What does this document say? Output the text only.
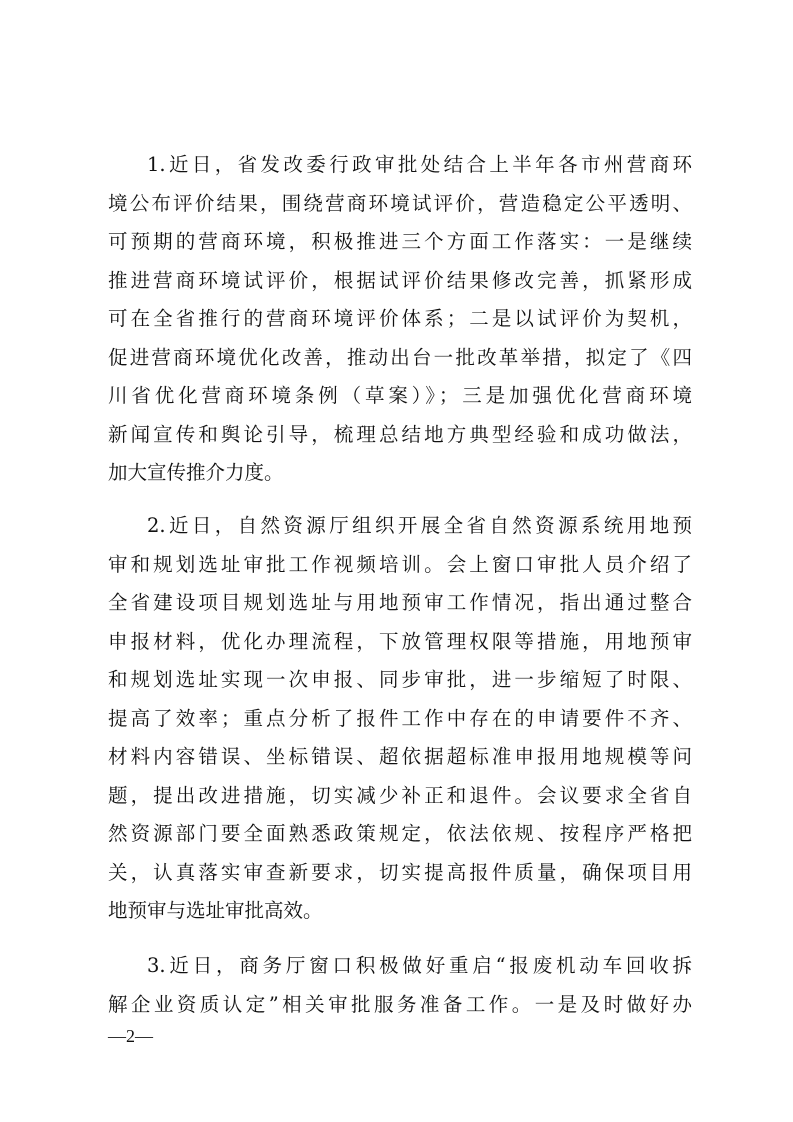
1.近日，省发改委行政审批处结合上半年各市州营商环
境公布评价结果，围绕营商环境试评价，营造稳定公平透明、
可预期的营商环境，积极推进三个方面工作落实：一是继续
推进营商环境试评价，根据试评价结果修改完善，抓紧形成
可在全省推行的营商环境评价体系；二是以试评价为契机，
促进营商环境优化改善，推动出台一批改革举措，拟定了《四
川省优化营商环境条例（草案）》；三是加强优化营商环境
新闻宣传和舆论引导，梳理总结地方典型经验和成功做法，
加大宣传推介力度。
2.近日，自然资源厅组织开展全省自然资源系统用地预
审和规划选址审批工作视频培训。会上窗口审批人员介绍了
全省建设项目规划选址与用地预审工作情况，指出通过整合
申报材料，优化办理流程，下放管理权限等措施，用地预审
和规划选址实现一次申报、同步审批，进一步缩短了时限、
提高了效率；重点分析了报件工作中存在的申请要件不齐、
材料内容错误、坐标错误、超依据超标准申报用地规模等问
题，提出改进措施，切实减少补正和退件。会议要求全省自
然资源部门要全面熟悉政策规定，依法依规、按程序严格把
关，认真落实审查新要求，切实提高报件质量，确保项目用
地预审与选址审批高效。
3.近日，商务厅窗口积极做好重启“报废机动车回收拆
解企业资质认定”相关审批服务准备工作。一是及时做好办
—2—
